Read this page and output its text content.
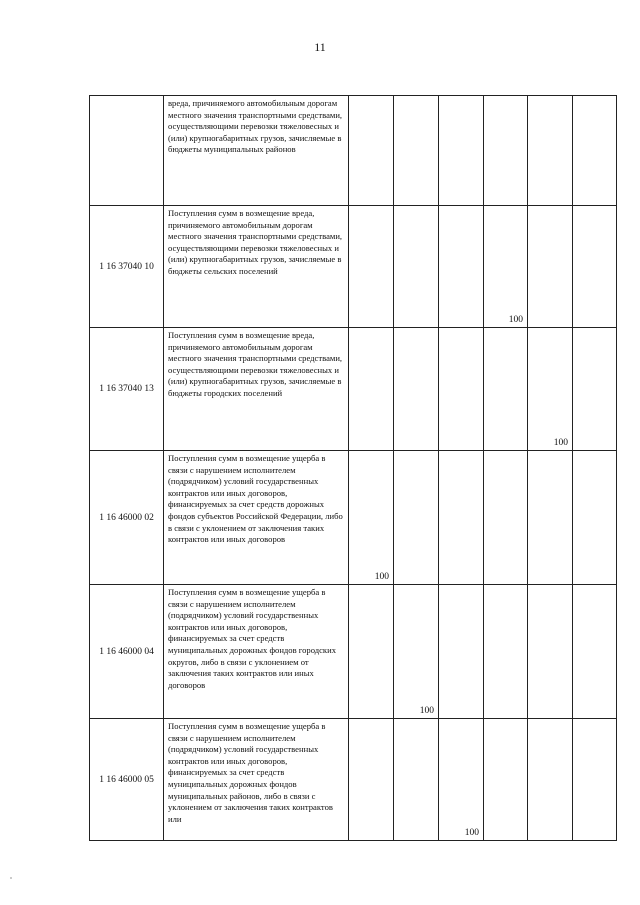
11
	вреда, причиняемого автомобильным дорогам местного значения транспортными средствами, осуществляющими перевозки тяжеловесных и (или) крупногабаритных грузов, зачисляемые в бюджеты муниципальных районов	

1 16 37040 10	Поступления сумм в возмещение вреда, причиняемого автомобильным дорогам местного значения транспортными средствами, осуществляющими перевозки тяжеловесных и (или) крупногабаритных грузов, зачисляемые в бюджеты сельских поселений				100		

1 16 37040 13	Поступления сумм в возмещение вреда, причиняемого автомобильным дорогам местного значения транспортными средствами, осуществляющими перевозки тяжеловесных и (или) крупногабаритных грузов, зачисляемые в бюджеты городских поселений					100	

1 16 46000 02	Поступления сумм в возмещение ущерба в связи с нарушением исполнителем (подрядчиком) условий государственных контрактов или иных договоров, финансируемых за счет средств дорожных фондов субъектов Российской Федерации, либо в связи с уклонением от заключения таких контрактов или иных договоров	100					

1 16 46000 04	Поступления сумм в возмещение ущерба в связи с нарушением исполнителем (подрядчиком) условий государственных контрактов или иных договоров, финансируемых за счет средств муниципальных дорожных фондов городских округов, либо в связи с уклонением от заключения таких контрактов или иных договоров		100				

1 16 46000 05	Поступления сумм в возмещение ущерба в связи с нарушением исполнителем (подрядчиком) условий государственных контрактов или иных договоров, финансируемых за счет средств муниципальных дорожных фондов муниципальных районов, либо в связи с уклонением от заключения таких контрактов или			100			
